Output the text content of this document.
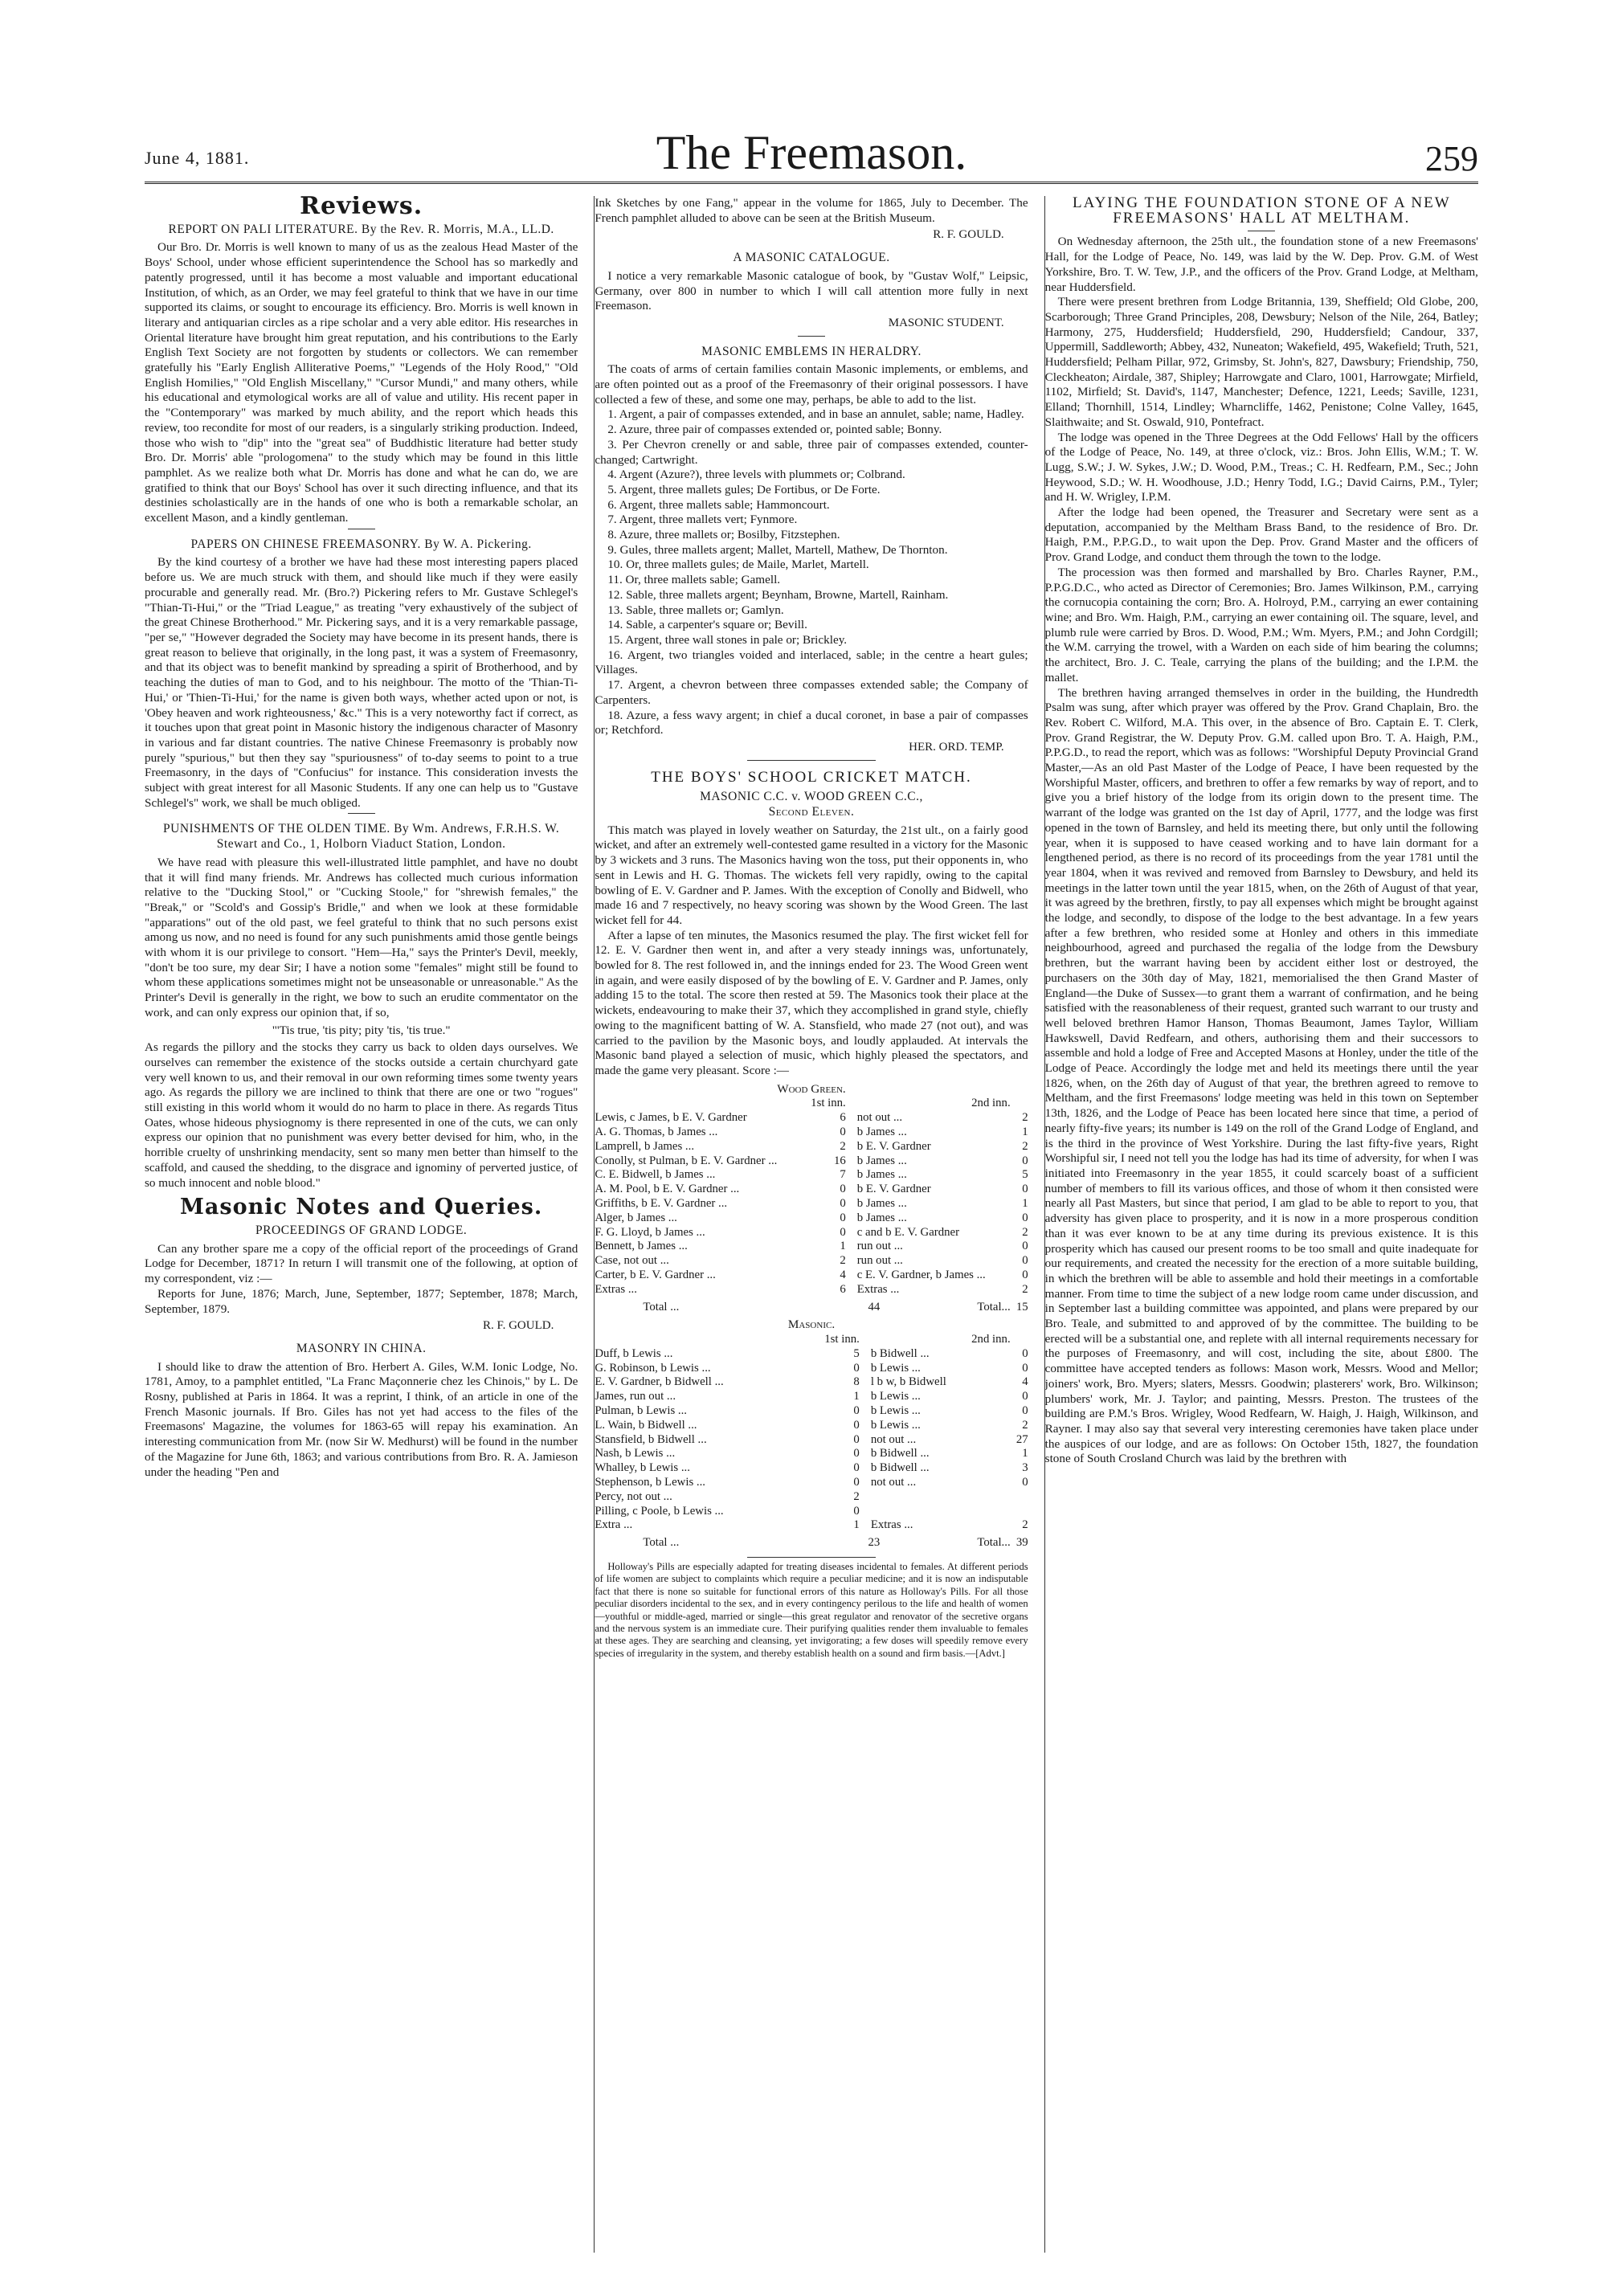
June 4, 1881.	The Freemason.	259
Reviews.
REPORT ON PALI LITERATURE. By the Rev. R. Morris, M.A., LL.D.

Our Bro. Dr. Morris is well known to many of us as the zealous Head Master of the Boys' School, under whose efficient superintendence the School has so markedly and patently progressed, until it has become a most valuable and important educational Institution, of which, as an Order, we may feel grateful to think that we have in our time supported its claims, or sought to encourage its efficiency. Bro. Morris is well known in literary and antiquarian circles as a ripe scholar and a very able editor. His researches in Oriental literature have brought him great reputation, and his contributions to the Early English Text Society are not forgotten by students or collectors. We can remember gratefully his "Early English Alliterative Poems," "Legends of the Holy Rood," "Old English Homilies," "Old English Miscellany," "Cursor Mundi," and many others, while his educational and etymological works are all of value and utility. His recent paper in the "Contemporary" was marked by much ability, and the report which heads this review, too recondite for most of our readers, is a singularly striking production. Indeed, those who wish to "dip" into the "great sea" of Buddhistic literature had better study Bro. Dr. Morris' able "prologomena" to the study which may be found in this little pamphlet. As we realize both what Dr. Morris has done and what he can do, we are gratified to think that our Boys' School has over it such directing influence, and that its destinies scholastically are in the hands of one who is both a remarkable scholar, an excellent Mason, and a kindly gentleman.

PAPERS ON CHINESE FREEMASONRY. By W. A. Pickering.

By the kind courtesy of a brother we have had these most interesting papers placed before us. We are much struck with them, and should like much if they were easily procurable and generally read. Mr. (Bro.?) Pickering refers to Mr. Gustave Schlegel's "Thian-Ti-Hui," or the "Triad League," as treating "very exhaustively of the subject of the great Chinese Brotherhood." Mr. Pickering says, and it is a very remarkable passage, "per se," "However degraded the Society may have become in its present hands, there is great reason to believe that originally, in the long past, it was a system of Freemasonry, and that its object was to benefit mankind by spreading a spirit of Brotherhood, and by teaching the duties of man to God, and to his neighbour. The motto of the 'Thian-Ti-Hui,' or 'Thien-Ti-Hui,' for the name is given both ways, whether acted upon or not, is 'Obey heaven and work righteousness,' &c." This is a very noteworthy fact if correct, as it touches upon that great point in Masonic history the indigenous character of Masonry in various and far distant countries. The native Chinese Freemasonry is probably now purely "spurious," but then they say "spuriousness" of to-day seems to point to a true Freemasonry, in the days of "Confucius" for instance. This consideration invests the subject with great interest for all Masonic Students. If any one can help us to "Gustave Schlegel's" work, we shall be much obliged.

PUNISHMENTS OF THE OLDEN TIME. By Wm. Andrews, F.R.H.S. W. Stewart and Co., 1, Holborn Viaduct Station, London.

We have read with pleasure this well-illustrated little pamphlet, and have no doubt that it will find many friends. Mr. Andrews has collected much curious information relative to the "Ducking Stool," or "Cucking Stoole," for "shrewish females," the "Break," or "Scold's and Gossip's Bridle," and when we look at these formidable "apparations" out of the old past, we feel grateful to think that no such persons exist among us now, and no need is found for any such punishments amid those gentle beings with whom it is our privilege to consort. "Hem—Ha," says the Printer's Devil, meekly, "don't be too sure, my dear Sir; I have a notion some "females" might still be found to whom these applications sometimes might not be unseasonable or unreasonable." As the Printer's Devil is generally in the right, we bow to such an erudite commentator on the work, and can only express our opinion that, if so,

"'Tis true, 'tis pity; pity 'tis, 'tis true."

As regards the pillory and the stocks they carry us back to olden days ourselves. We ourselves can remember the existence of the stocks outside a certain churchyard gate very well known to us, and their removal in our own reforming times some twenty years ago. As regards the pillory we are inclined to think that there are one or two "rogues" still existing in this world whom it would do no harm to place in there. As regards Titus Oates, whose hideous physiognomy is there represented in one of the cuts, we can only express our opinion that no punishment was every better devised for him, who, in the horrible cruelty of unshrinking mendacity, sent so many men better than himself to the scaffold, and caused the shedding, to the disgrace and ignominy of perverted justice, of so much innocent and noble blood."

Masonic Notes and Queries.
PROCEEDINGS OF GRAND LODGE.

Can any brother spare me a copy of the official report of the proceedings of Grand Lodge for December, 1871? In return I will transmit one of the following, at option of my correspondent, viz :—

Reports for June, 1876; March, June, September, 1877; September, 1878; March, September, 1879.

R. F. GOULD.
MASONRY IN CHINA.

I should like to draw the attention of Bro. Herbert A. Giles, W.M. Ionic Lodge, No. 1781, Amoy, to a pamphlet entitled, "La Franc Maçonnerie chez les Chinois," by L. De Rosny, published at Paris in 1864. It was a reprint, I think, of an article in one of the French Masonic journals. If Bro. Giles has not yet had access to the files of the Freemasons' Magazine, the volumes for 1863-65 will repay his examination. An interesting communication from Mr. (now Sir W. Medhurst) will be found in the number of the Magazine for June 6th, 1863; and various contributions from Bro. R. A. Jamieson under the heading "Pen and

Ink Sketches by one Fang," appear in the volume for 1865, July to December. The French pamphlet alluded to above can be seen at the British Museum.

R. F. GOULD.
A MASONIC CATALOGUE.

I notice a very remarkable Masonic catalogue of book, by "Gustav Wolf," Leipsic, Germany, over 800 in number to which I will call attention more fully in next Freemason.

MASONIC STUDENT.
MASONIC EMBLEMS IN HERALDRY.

The coats of arms of certain families contain Masonic implements, or emblems, and are often pointed out as a proof of the Freemasonry of their original possessors. I have collected a few of these, and some one may, perhaps, be able to add to the list.

1. Argent, a pair of compasses extended, and in base an annulet, sable; name, Hadley.

2. Azure, three pair of compasses extended or, pointed sable; Bonny.

3. Per Chevron crenelly or and sable, three pair of compasses extended, counter-changed; Cartwright.

4. Argent (Azure?), three levels with plummets or; Colbrand.

5. Argent, three mallets gules; De Fortibus, or De Forte.

6. Argent, three mallets sable; Hammoncourt.

7. Argent, three mallets vert; Fynmore.

8. Azure, three mallets or; Bosilby, Fitzstephen.

9. Gules, three mallets argent; Mallet, Martell, Mathew, De Thornton.

10. Or, three mallets gules; de Maile, Marlet, Martell.

11. Or, three mallets sable; Gamell.

12. Sable, three mallets argent; Beynham, Browne, Martell, Rainham.

13. Sable, three mallets or; Gamlyn.

14. Sable, a carpenter's square or; Bevill.

15. Argent, three wall stones in pale or; Brickley.

16. Argent, two triangles voided and interlaced, sable; in the centre a heart gules; Villages.

17. Argent, a chevron between three compasses extended sable; the Company of Carpenters.

18. Azure, a fess wavy argent; in chief a ducal coronet, in base a pair of compasses or; Retchford.

HER. ORD. TEMP.
THE BOYS' SCHOOL CRICKET MATCH.
MASONIC C.C. v. WOOD GREEN C.C.,
Second Eleven.

This match was played in lovely weather on Saturday, the 21st ult., on a fairly good wicket, and after an extremely well-contested game resulted in a victory for the Masonic by 3 wickets and 3 runs. The Masonics having won the toss, put their opponents in, who sent in Lewis and H. G. Thomas. The wickets fell very rapidly, owing to the capital bowling of E. V. Gardner and P. James. With the exception of Conolly and Bidwell, who made 16 and 7 respectively, no heavy scoring was shown by the Wood Green. The last wicket fell for 44.

After a lapse of ten minutes, the Masonics resumed the play. The first wicket fell for 12. E. V. Gardner then went in, and after a very steady innings was, unfortunately, bowled for 8. The rest followed in, and the innings ended for 23. The Wood Green went in again, and were easily disposed of by the bowling of E. V. Gardner and P. James, only adding 15 to the total. The score then rested at 59. The Masonics took their place at the wickets, endeavouring to make their 37, which they accomplished in grand style, chiefly owing to the magnificent batting of W. A. Stansfield, who made 27 (not out), and was carried to the pavilion by the Masonic boys, and loudly applauded. At intervals the Masonic band played a selection of music, which highly pleased the spectators, and made the game very pleasant. Score :—

Wood Green.
	1st inn.	2nd inn.	
Lewis, c James, b E. V. Gardner	6	not out ...	2
A. G. Thomas, b James ...	0	b James ...	1
Lamprell, b James ...	2	b E. V. Gardner	2
Conolly, st Pulman, b E. V. Gardner ...	16	b James ...	0
C. E. Bidwell, b James ...	7	b James ...	5
A. M. Pool, b E. V. Gardner ...	0	b E. V. Gardner	0
Griffiths, b E. V. Gardner ...	0	b James ...	1
Alger, b James ...	0	b James ...	0
F. G. Lloyd, b James ...	0	c and b E. V. Gardner	2
Bennett, b James ...	1	run out ...	0
Case, not out ...	2	run out ...	0
Carter, b E. V. Gardner ...	4	c E. V. Gardner, b James ...	0
Extras ...	6	Extras ...	2
Total ...	44	Total...	15
Masonic.
	1st inn.	2nd inn.	
Duff, b Lewis ...	5	b Bidwell ...	0
G. Robinson, b Lewis ...	0	b Lewis ...	0
E. V. Gardner, b Bidwell ...	8	l b w, b Bidwell	4
James, run out ...	1	b Lewis ...	0
Pulman, b Lewis ...	0	b Lewis ...	0
L. Wain, b Bidwell ...	0	b Lewis ...	2
Stansfield, b Bidwell ...	0	not out ...	27
Nash, b Lewis ...	0	b Bidwell ...	1
Whalley, b Lewis ...	0	b Bidwell ...	3
Stephenson, b Lewis ...	0	not out ...	0
Percy, not out ...	2		
Pilling, c Poole, b Lewis ...	0		
Extra ...	1	Extras ...	2
Total ...	23	Total...	39

Holloway's Pills are especially adapted for treating diseases incidental to females. At different periods of life women are subject to complaints which require a peculiar medicine; and it is now an indisputable fact that there is none so suitable for functional errors of this nature as Holloway's Pills. For all those peculiar disorders incidental to the sex, and in every contingency perilous to the life and health of women—youthful or middle-aged, married or single—this great regulator and renovator of the secretive organs and the nervous system is an immediate cure. Their purifying qualities render them invaluable to females at these ages. They are searching and cleansing, yet invigorating; a few doses will speedily remove every species of irregularity in the system, and thereby establish health on a sound and firm basis.—[Advt.]

LAYING THE FOUNDATION STONE OF A NEW FREEMASONS' HALL AT MELTHAM.

On Wednesday afternoon, the 25th ult., the foundation stone of a new Freemasons' Hall, for the Lodge of Peace, No. 149, was laid by the W. Dep. Prov. G.M. of West Yorkshire, Bro. T. W. Tew, J.P., and the officers of the Prov. Grand Lodge, at Meltham, near Huddersfield.

There were present brethren from Lodge Britannia, 139, Sheffield; Old Globe, 200, Scarborough; Three Grand Principles, 208, Dewsbury; Nelson of the Nile, 264, Batley; Harmony, 275, Huddersfield; Huddersfield, 290, Huddersfield; Candour, 337, Uppermill, Saddleworth; Abbey, 432, Nuneaton; Wakefield, 495, Wakefield; Truth, 521, Huddersfield; Pelham Pillar, 972, Grimsby, St. John's, 827, Dawsbury; Friendship, 750, Cleckheaton; Airdale, 387, Shipley; Harrowgate and Claro, 1001, Harrowgate; Mirfield, 1102, Mirfield; St. David's, 1147, Manchester; Defence, 1221, Leeds; Saville, 1231, Elland; Thornhill, 1514, Lindley; Wharncliffe, 1462, Penistone; Colne Valley, 1645, Slaithwaite; and St. Oswald, 910, Pontefract.

The lodge was opened in the Three Degrees at the Odd Fellows' Hall by the officers of the Lodge of Peace, No. 149, at three o'clock, viz.: Bros. John Ellis, W.M.; T. W. Lugg, S.W.; J. W. Sykes, J.W.; D. Wood, P.M., Treas.; C. H. Redfearn, P.M., Sec.; John Heywood, S.D.; W. H. Woodhouse, J.D.; Henry Todd, I.G.; David Cairns, P.M., Tyler; and H. W. Wrigley, I.P.M.

After the lodge had been opened, the Treasurer and Secretary were sent as a deputation, accompanied by the Meltham Brass Band, to the residence of Bro. Dr. Haigh, P.M., P.P.G.D., to wait upon the Dep. Prov. Grand Master and the officers of Prov. Grand Lodge, and conduct them through the town to the lodge.

The procession was then formed and marshalled by Bro. Charles Rayner, P.M., P.P.G.D.C., who acted as Director of Ceremonies; Bro. James Wilkinson, P.M., carrying the cornucopia containing the corn; Bro. A. Holroyd, P.M., carrying an ewer containing wine; and Bro. Wm. Haigh, P.M., carrying an ewer containing oil. The square, level, and plumb rule were carried by Bros. D. Wood, P.M.; Wm. Myers, P.M.; and John Cordgill; the W.M. carrying the trowel, with a Warden on each side of him bearing the columns; the architect, Bro. J. C. Teale, carrying the plans of the building; and the I.P.M. the mallet.

The brethren having arranged themselves in order in the building, the Hundredth Psalm was sung, after which prayer was offered by the Prov. Grand Chaplain, Bro. the Rev. Robert C. Wilford, M.A. This over, in the absence of Bro. Captain E. T. Clerk, Prov. Grand Registrar, the W. Deputy Prov. G.M. called upon Bro. T. A. Haigh, P.M., P.P.G.D., to read the report, which was as follows: "Worshipful Deputy Provincial Grand Master,—As an old Past Master of the Lodge of Peace, I have been requested by the Worshipful Master, officers, and brethren to offer a few remarks by way of report, and to give you a brief history of the lodge from its origin down to the present time. The warrant of the lodge was granted on the 1st day of April, 1777, and the lodge was first opened in the town of Barnsley, and held its meeting there, but only until the following year, when it is supposed to have ceased working and to have lain dormant for a lengthened period, as there is no record of its proceedings from the year 1781 until the year 1804, when it was revived and removed from Barnsley to Dewsbury, and held its meetings in the latter town until the year 1815, when, on the 26th of August of that year, it was agreed by the brethren, firstly, to pay all expenses which might be brought against the lodge, and secondly, to dispose of the lodge to the best advantage. In a few years after a few brethren, who resided some at Honley and others in this immediate neighbourhood, agreed and purchased the regalia of the lodge from the Dewsbury brethren, but the warrant having been by accident either lost or destroyed, the purchasers on the 30th day of May, 1821, memorialised the then Grand Master of England—the Duke of Sussex—to grant them a warrant of confirmation, and he being satisfied with the reasonableness of their request, granted such warrant to our trusty and well beloved brethren Hamor Hanson, Thomas Beaumont, James Taylor, William Hawkswell, David Redfearn, and others, authorising them and their successors to assemble and hold a lodge of Free and Accepted Masons at Honley, under the title of the Lodge of Peace. Accordingly the lodge met and held its meetings there until the year 1826, when, on the 26th day of August of that year, the brethren agreed to remove to Meltham, and the first Freemasons' lodge meeting was held in this town on September 13th, 1826, and the Lodge of Peace has been located here since that time, a period of nearly fifty-five years; its number is 149 on the roll of the Grand Lodge of England, and is the third in the province of West Yorkshire. During the last fifty-five years, Right Worshipful sir, I need not tell you the lodge has had its time of adversity, for when I was initiated into Freemasonry in the year 1855, it could scarcely boast of a sufficient number of members to fill its various offices, and those of whom it then consisted were nearly all Past Masters, but since that period, I am glad to be able to report to you, that adversity has given place to prosperity, and it is now in a more prosperous condition than it was ever known to be at any time during its previous existence. It is this prosperity which has caused our present rooms to be too small and quite inadequate for our requirements, and created the necessity for the erection of a more suitable building, in which the brethren will be able to assemble and hold their meetings in a comfortable manner. From time to time the subject of a new lodge room came under discussion, and in September last a building committee was appointed, and plans were prepared by our Bro. Teale, and submitted to and approved of by the committee. The building to be erected will be a substantial one, and replete with all internal requirements necessary for the purposes of Freemasonry, and will cost, including the site, about £800. The committee have accepted tenders as follows: Mason work, Messrs. Wood and Mellor; joiners' work, Bro. Myers; slaters, Messrs. Goodwin; plasterers' work, Bro. Wilkinson; plumbers' work, Mr. J. Taylor; and painting, Messrs. Preston. The trustees of the building are P.M.'s Bros. Wrigley, Wood Redfearn, W. Haigh, J. Haigh, Wilkinson, and Rayner. I may also say that several very interesting ceremonies have taken place under the auspices of our lodge, and are as follows: On October 15th, 1827, the foundation stone of South Crosland Church was laid by the brethren with
